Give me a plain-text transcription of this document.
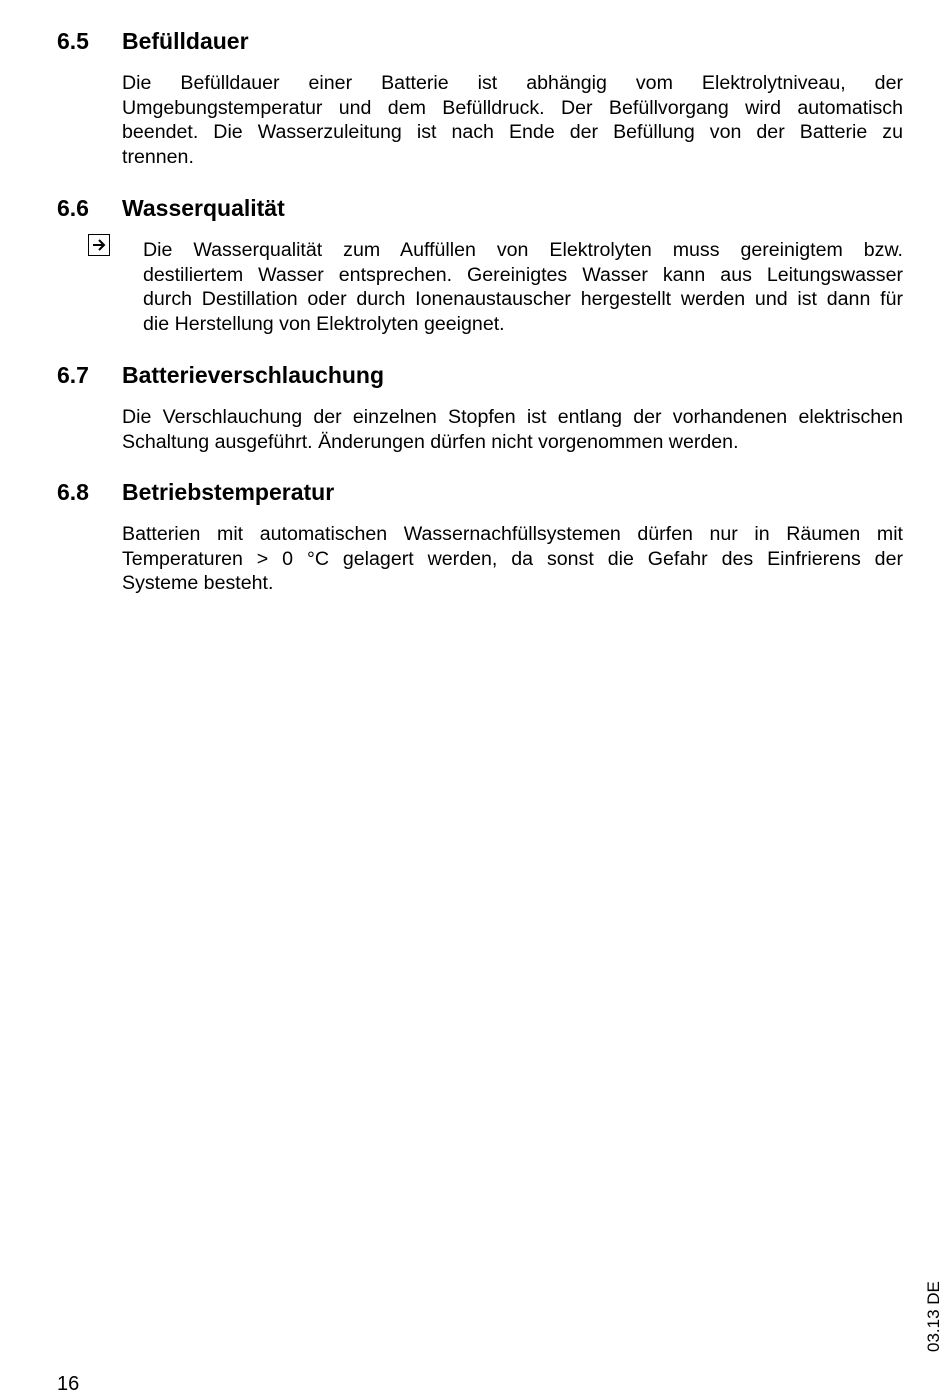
6.5 Befülldauer
Die Befülldauer einer Batterie ist abhängig vom Elektrolytniveau, der
Umgebungstemperatur und dem Befülldruck. Der Befüllvorgang wird automatisch
beendet. Die Wasserzuleitung ist nach Ende der Befüllung von der Batterie zu
trennen.
6.6 Wasserqualität
Die Wasserqualität zum Auffüllen von Elektrolyten muss gereinigtem bzw.
destiliertem Wasser entsprechen. Gereinigtes Wasser kann aus Leitungswasser
durch Destillation oder durch Ionenaustauscher hergestellt werden und ist dann für
die Herstellung von Elektrolyten geeignet.
6.7 Batterieverschlauchung
Die Verschlauchung der einzelnen Stopfen ist entlang der vorhandenen elektrischen
Schaltung ausgeführt. Änderungen dürfen nicht vorgenommen werden.
6.8 Betriebstemperatur
Batterien mit automatischen Wassernachfüllsystemen dürfen nur in Räumen mit
Temperaturen > 0 °C gelagert werden, da sonst die Gefahr des Einfrierens der
Systeme besteht.
03.13 DE
16
